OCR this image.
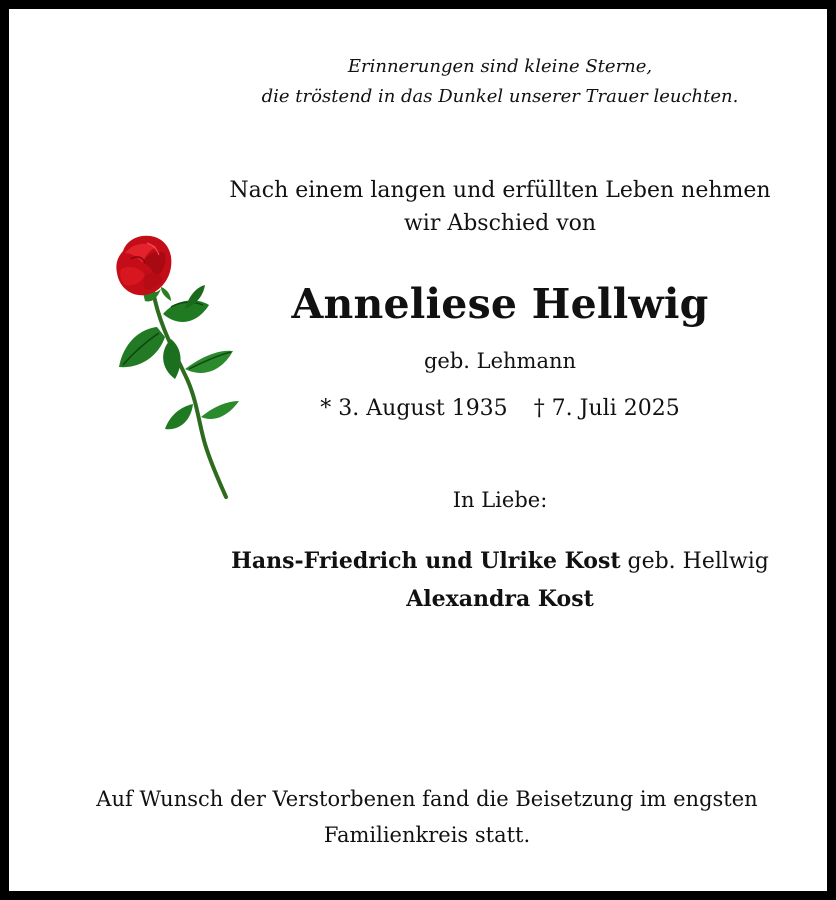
Erinnerungen sind kleine Sterne,
die tröstend in das Dunkel unserer Trauer leuchten.
Nach einem langen und erfüllten Leben nehmen
wir Abschied von
Anneliese Hellwig
geb. Lehmann
* 3. August 1935 † 7. Juli 2025
In Liebe:
Hans-Friedrich und Ulrike Kost geb. Hellwig
Alexandra Kost
Auf Wunsch der Verstorbenen fand die Beisetzung im engsten
Familienkreis statt.
